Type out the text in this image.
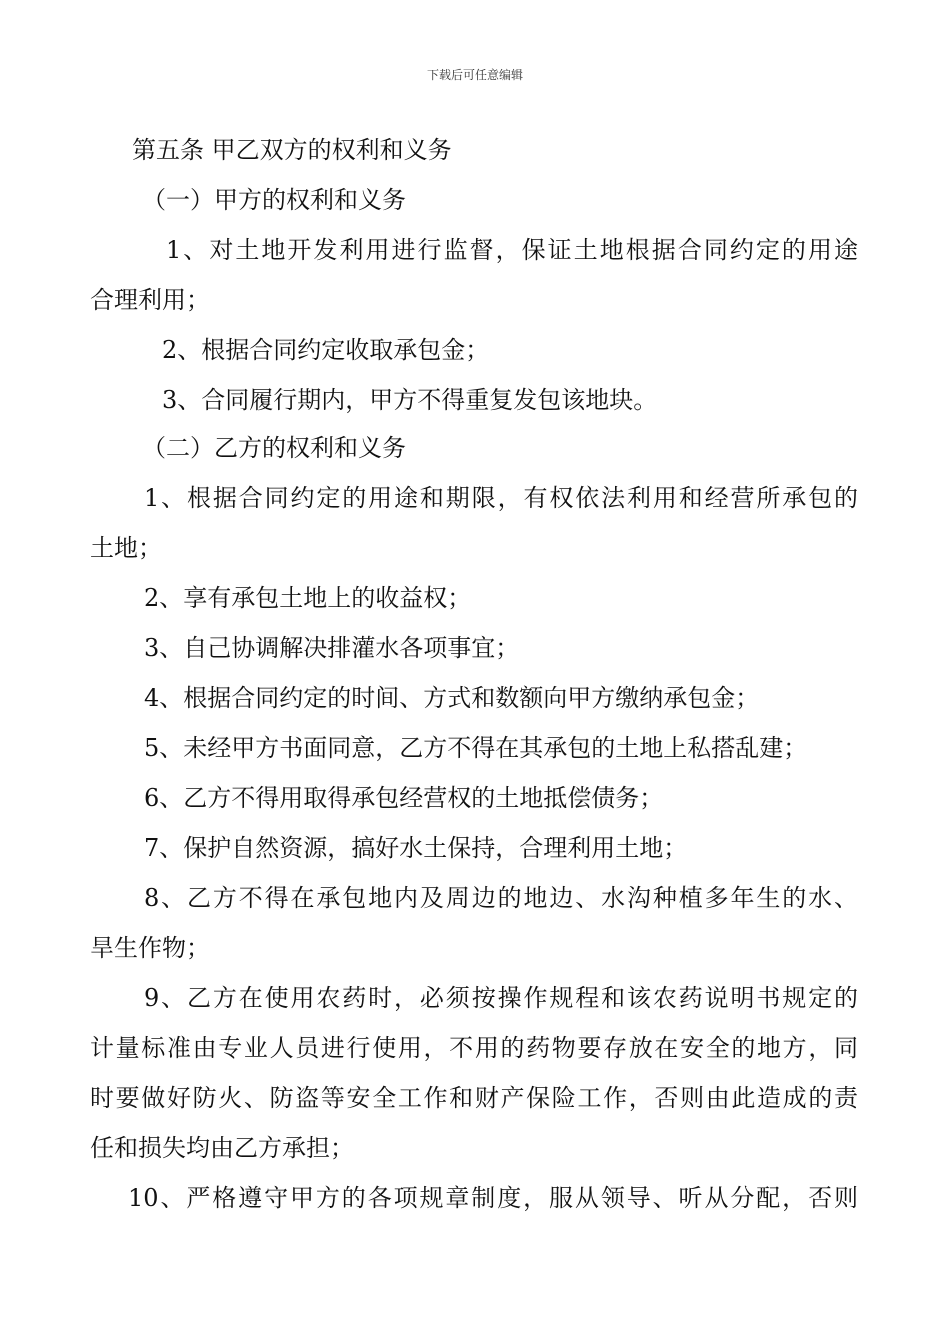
下载后可任意编辑
第五条 甲乙双方的权利和义务
（一）甲方的权利和义务
1、对土地开发利用进行监督，保证土地根据合同约定的用途
合理利用；
2、根据合同约定收取承包金；
3、合同履行期内，甲方不得重复发包该地块。
（二）乙方的权利和义务
1、根据合同约定的用途和期限，有权依法利用和经营所承包的
土地；
2、享有承包土地上的收益权；
3、自己协调解决排灌水各项事宜；
4、根据合同约定的时间、方式和数额向甲方缴纳承包金；
5、未经甲方书面同意，乙方不得在其承包的土地上私搭乱建；
6、乙方不得用取得承包经营权的土地抵偿债务；
7、保护自然资源，搞好水土保持，合理利用土地；
8、乙方不得在承包地内及周边的地边、水沟种植多年生的水、
旱生作物；
9、乙方在使用农药时，必须按操作规程和该农药说明书规定的
计量标准由专业人员进行使用，不用的药物要存放在安全的地方，同
时要做好防火、防盗等安全工作和财产保险工作，否则由此造成的责
任和损失均由乙方承担；
10、严格遵守甲方的各项规章制度，服从领导、听从分配，否则
